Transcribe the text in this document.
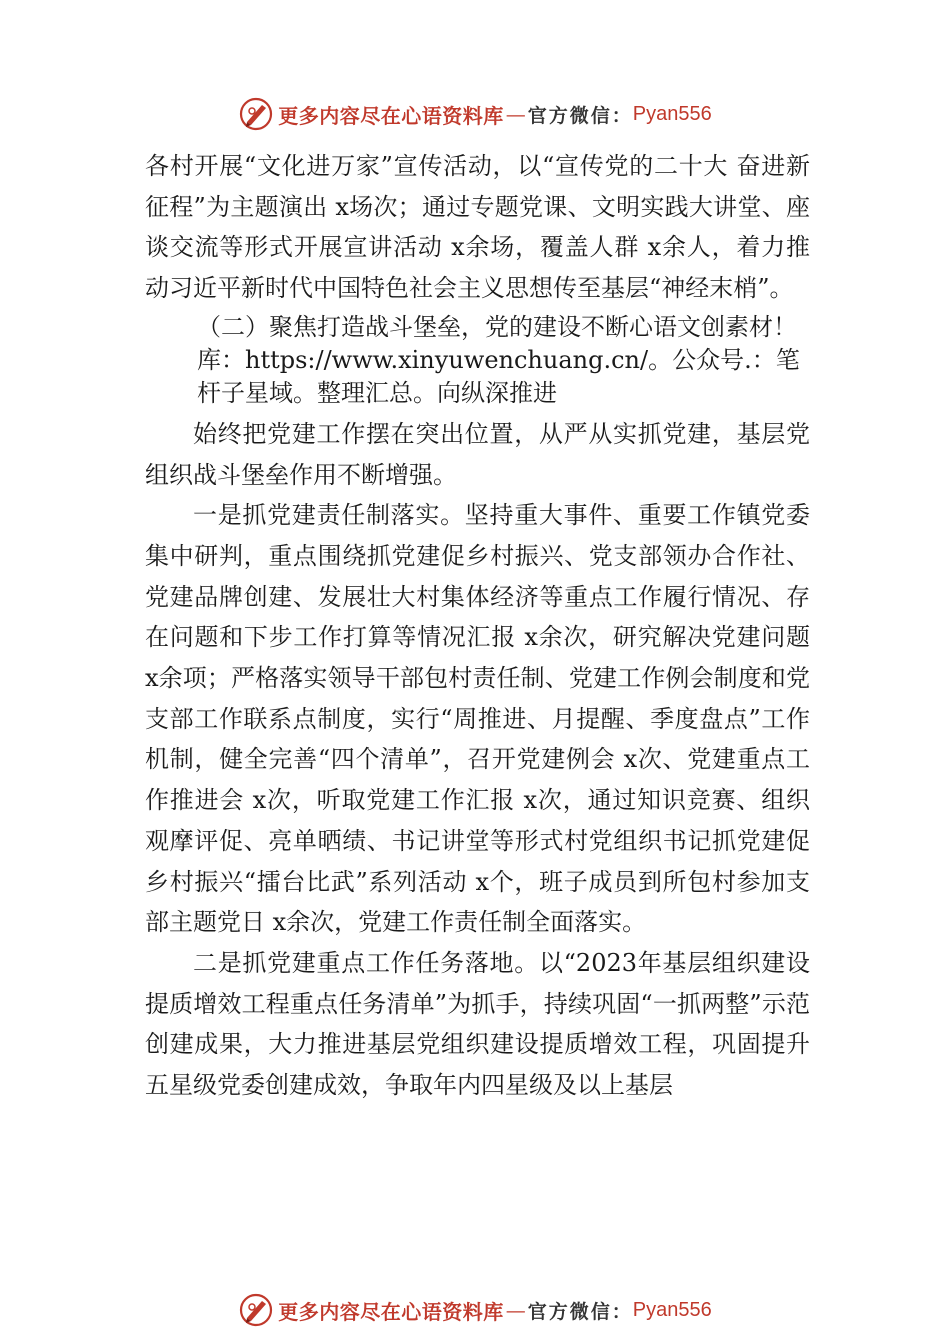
更多内容尽在心语资料库 — 官方微信： Pyan556

各村开展“文化进万家”宣传活动，以“宣传党的二十大 奋进新征程”为主题演出 x场次；通过专题党课、文明实践大讲堂、座谈交流等形式开展宣讲活动 x余场，覆盖人群 x余人，着力推动习近平新时代中国特色社会主义思想传至基层“神经末梢”。

（二）聚焦打造战斗堡垒，党的建设不断心语文创素材！库：https://www.xinyuwenchuang.cn/。公众号.：笔杆子星域。整理汇总。向纵深推进

始终把党建工作摆在突出位置，从严从实抓党建，基层党组织战斗堡垒作用不断增强。

一是抓党建责任制落实。坚持重大事件、重要工作镇党委集中研判，重点围绕抓党建促乡村振兴、党支部领办合作社、党建品牌创建、发展壮大村集体经济等重点工作履行情况、存在问题和下步工作打算等情况汇报 x余次，研究解决党建问题 x余项；严格落实领导干部包村责任制、党建工作例会制度和党支部工作联系点制度，实行“周推进、月提醒、季度盘点”工作机制，健全完善“四个清单”，召开党建例会 x次、党建重点工作推进会 x次，听取党建工作汇报 x次，通过知识竞赛、组织观摩评促、亮单晒绩、书记讲堂等形式村党组织书记抓党建促乡村振兴“擂台比武”系列活动 x个，班子成员到所包村参加支部主题党日 x余次，党建工作责任制全面落实。

二是抓党建重点工作任务落地。以“2023年基层组织建设提质增效工程重点任务清单”为抓手，持续巩固“一抓两整”示范创建成果，大力推进基层党组织建设提质增效工程，巩固提升五星级党委创建成效，争取年内四星级及以上基层

更多内容尽在心语资料库 — 官方微信： Pyan556
